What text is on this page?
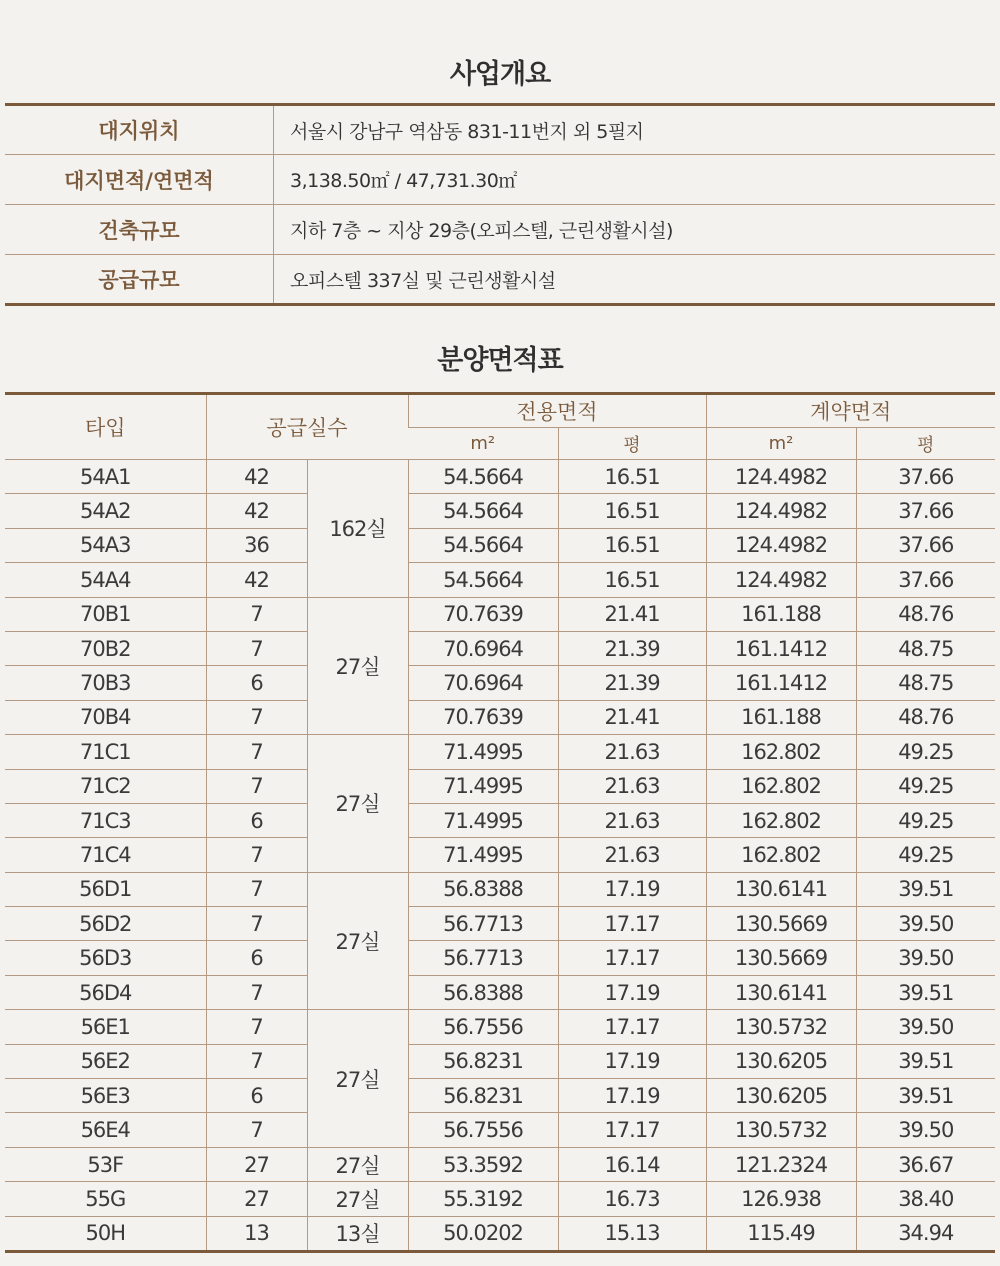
사업개요
대지위치	서울시 강남구 역삼동 831-11번지 외 5필지
대지면적/연면적	3,138.50㎡ / 47,731.30㎡
건축규모	지하 7층 ~ 지상 29층(오피스텔, 근린생활시설)
공급규모	오피스텔 337실 및 근린생활시설
분양면적표
타입	공급실수		전용면적		계약면적	
			m²	평	m²	평
54A1	42	162실	54.5664	16.51	124.4982	37.66
54A2	42		54.5664	16.51	124.4982	37.66
54A3	36		54.5664	16.51	124.4982	37.66
54A4	42		54.5664	16.51	124.4982	37.66
70B1	7	27실	70.7639	21.41	161.188	48.76
70B2	7		70.6964	21.39	161.1412	48.75
70B3	6		70.6964	21.39	161.1412	48.75
70B4	7		70.7639	21.41	161.188	48.76
71C1	7	27실	71.4995	21.63	162.802	49.25
71C2	7		71.4995	21.63	162.802	49.25
71C3	6		71.4995	21.63	162.802	49.25
71C4	7		71.4995	21.63	162.802	49.25
56D1	7	27실	56.8388	17.19	130.6141	39.51
56D2	7		56.7713	17.17	130.5669	39.50
56D3	6		56.7713	17.17	130.5669	39.50
56D4	7		56.8388	17.19	130.6141	39.51
56E1	7	27실	56.7556	17.17	130.5732	39.50
56E2	7		56.8231	17.19	130.6205	39.51
56E3	6		56.8231	17.19	130.6205	39.51
56E4	7		56.7556	17.17	130.5732	39.50
53F	27	27실	53.3592	16.14	121.2324	36.67
55G	27	27실	55.3192	16.73	126.938	38.40
50H	13	13실	50.0202	15.13	115.49	34.94
